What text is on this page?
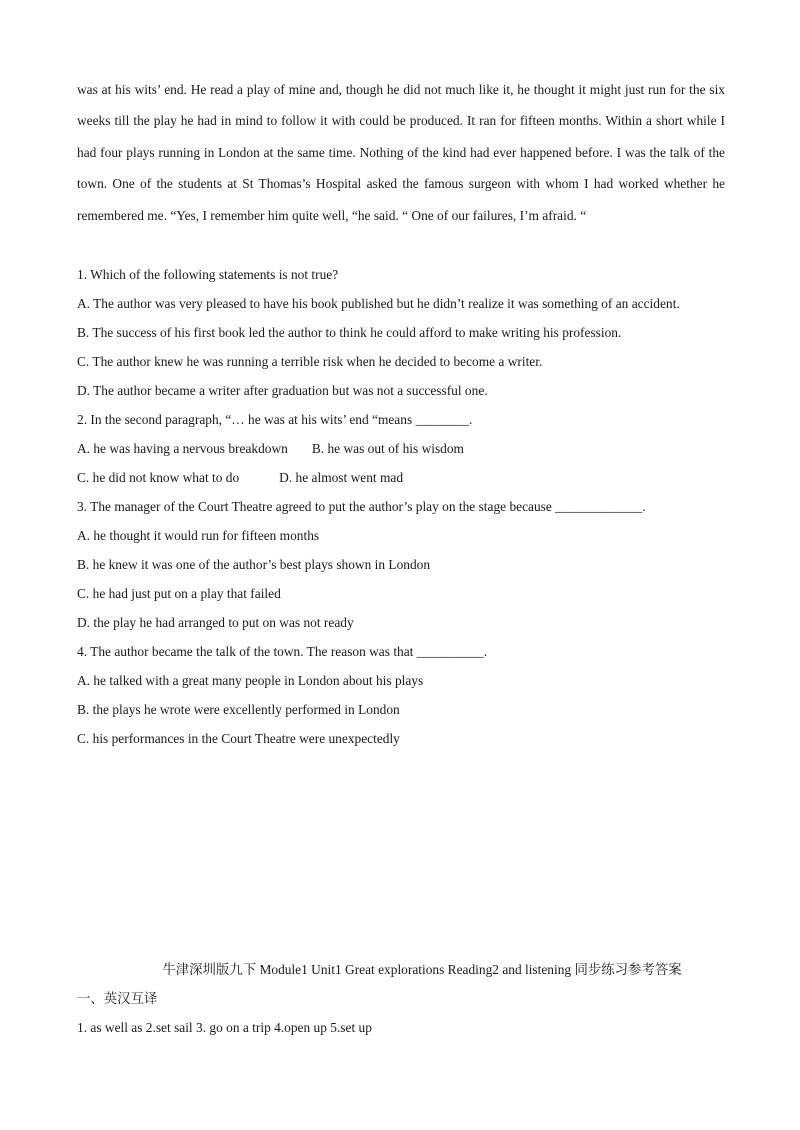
was at his wits’ end. He read a play of mine and, though he did not much like it, he thought it might just run for the six weeks till the play he had in mind to follow it with could be produced. It ran for fifteen months. Within a short while I had four plays running in London at the same time. Nothing of the kind had ever happened before. I was the talk of the town. One of the students at St Thomas’s Hospital asked the famous surgeon with whom I had worked whether he remembered me. “Yes, I remember him quite well, “he said. “ One of our failures, I’m afraid. “

1. Which of the following statements is not true?
A. The author was very pleased to have his book published but he didn’t realize it was something of an accident.
B. The success of his first book led the author to think he could afford to make writing his profession.
C. The author knew he was running a terrible risk when he decided to become a writer.
D. The author became a writer after graduation but was not a successful one.
2. In the second paragraph, “… he was at his wits’ end “means ________.
A. he was having a nervous breakdown B. he was out of his wisdom
C. he did not know what to do	D. he almost went mad
3. The manager of the Court Theatre agreed to put the author’s play on the stage because _____________.
A. he thought it would run for fifteen months
B. he knew it was one of the author’s best plays shown in London
C. he had just put on a play that failed
D. the play he had arranged to put on was not ready
4. The author became the talk of the town. The reason was that __________.
A. he talked with a great many people in London about his plays
B. the plays he wrote were excellently performed in London
C. his performances in the Court Theatre were unexpectedly
牛津深圳版九下 Module1 Unit1 Great explorations Reading2 and listening 同步练习参考答案
一、英汉互译
1. as well as 2.set sail 3. go on a trip 4.open up 5.set up
